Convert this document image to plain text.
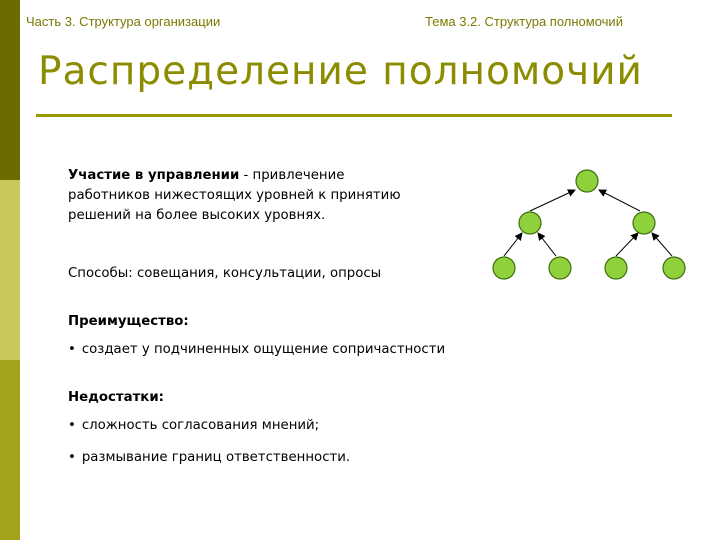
Часть 3. Структура организации	Тема 3.2. Структура полномочий
Распределение полномочий
Участие в управлении - привлечение работников нижестоящих уровней к принятию решений на более высоких уровнях.
Способы: совещания, консультации, опросы
Преимущество:
• создает у подчиненных ощущение сопричастности
Недостатки:
• сложность согласования мнений;
• размывание границ ответственности.
